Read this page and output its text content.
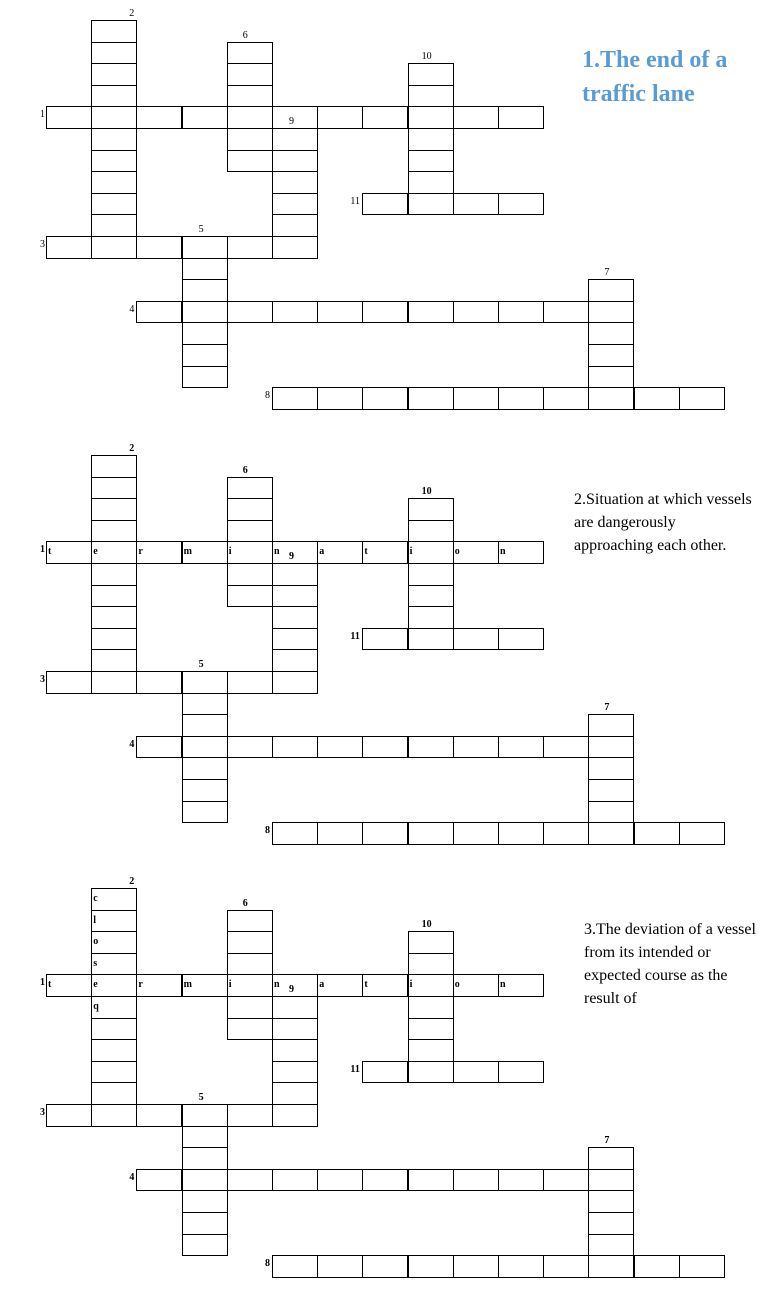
1
2
3
4
5
6
7
8
9
10
11
t	e	r	m	i	n	a	t	i	o	n
1
2
3
4
5
6
7
8
9
10
11
t	e	r	m	i	n	a	t	i	o	n
c
l
o
s
q
1
2
3
4
5
6
7
8
9
10
11

1.The end of a traffic lane

2.Situation at which vessels are dangerously approaching each other.

3.The deviation of a vessel from its intended or expected course as the result of
